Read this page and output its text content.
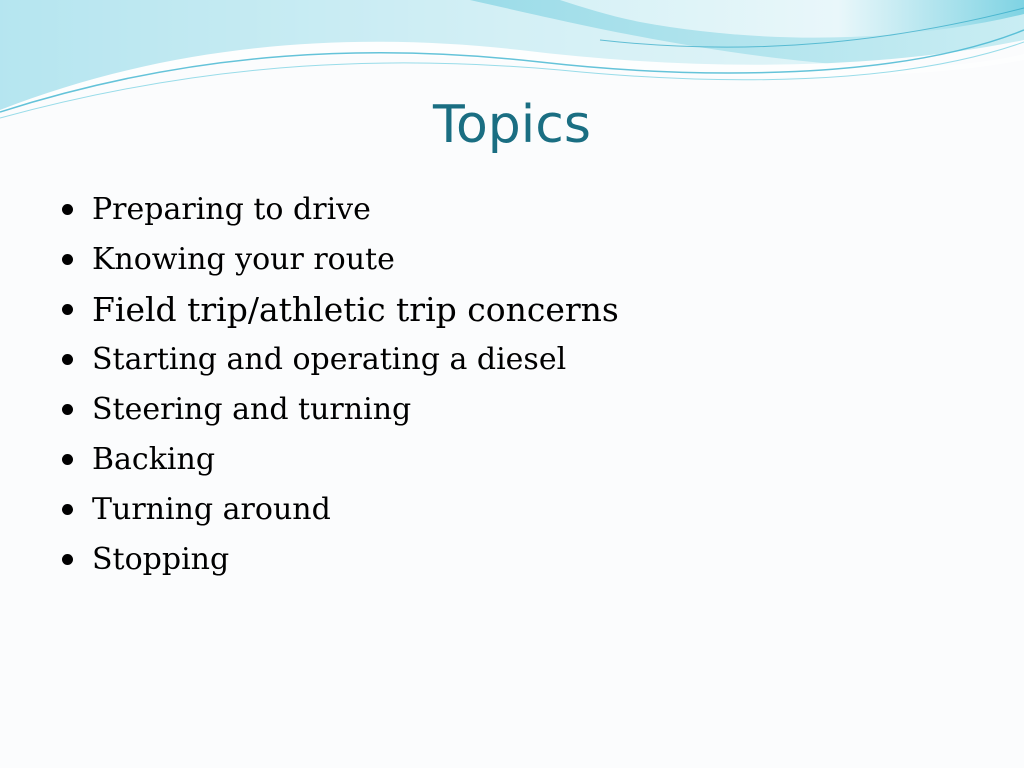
Topics
Preparing to drive
Knowing your route
Field trip/athletic trip concerns
Starting and operating a diesel
Steering and turning
Backing
Turning around
Stopping
